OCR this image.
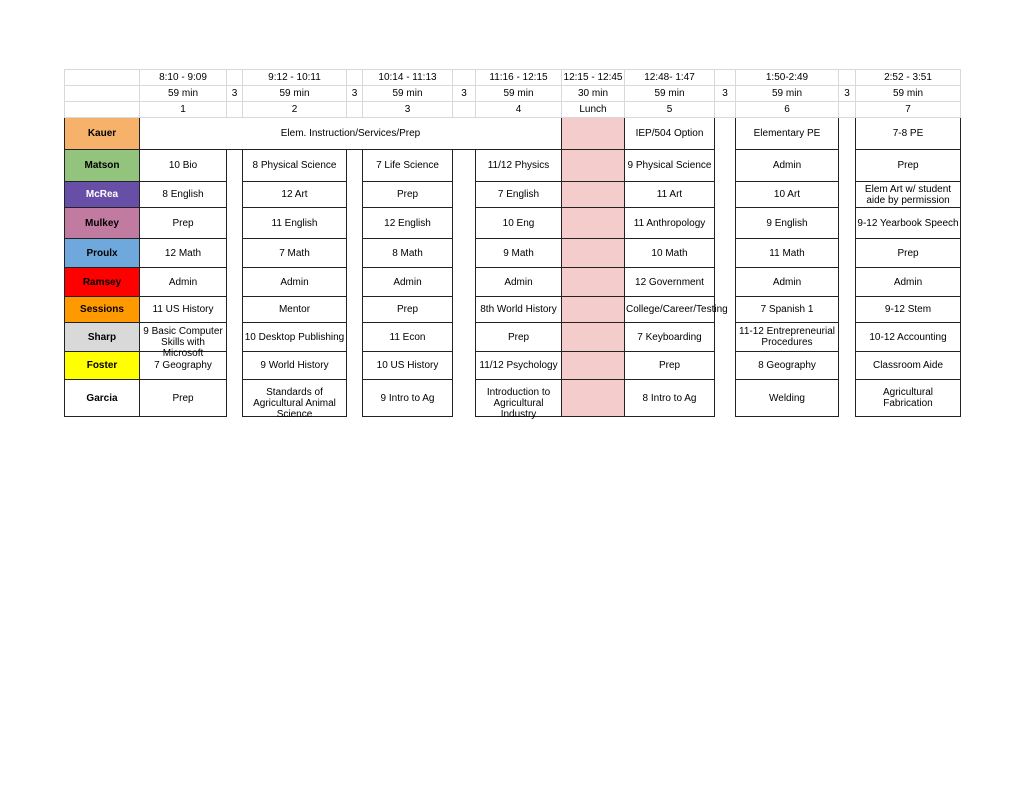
	8:10 - 9:09		9:12 - 10:11		10:14 - 11:13		11:16 - 12:15	12:15 - 12:45	12:48- 1:47		1:50-2:49		2:52 - 3:51
	59 min	3	59 min	3	59 min	3	59 min	30 min	59 min	3	59 min	3	59 min
	1		2		3		4	Lunch	5		6		7
Kauer	Elem. Instruction/Services/Prep								IEP/504 Option		Elementary PE		7-8 PE
Matson	10 Bio		8 Physical Science		7 Life Science		11/12 Physics		9 Physical Science		Admin		Prep

McRea	8 English		12 Art		Prep		7 English		11 Art		10 Art		Elem Art w/ student aide by permission

Mulkey	Prep		11 English		12 English		10 Eng		11 Anthropology		9 English		9-12 Yearbook Speech

Proulx	12 Math		7 Math		8 Math		9 Math		10 Math		11 Math		Prep

Ramsey	Admin		Admin		Admin		Admin		12 Government		Admin		Admin

Sessions	11 US History		Mentor		Prep		8th World History		College/Career/Testing		7 Spanish 1		9-12 Stem

Sharp	9 Basic Computer Skills with Microsoft		10 Desktop Publishing		11 Econ		Prep		7 Keyboarding		11-12 Entrepreneurial Procedures		10-12 Accounting

Foster	7 Geography		9 World History		10 US History		11/12 Psychology		Prep		8 Geography		Classroom Aide

Garcia	Prep		Standards of Agricultural Animal Science		9 Intro to Ag		Introduction to Agricultural Industry		8 Intro to Ag		Welding		Agricultural Fabrication
